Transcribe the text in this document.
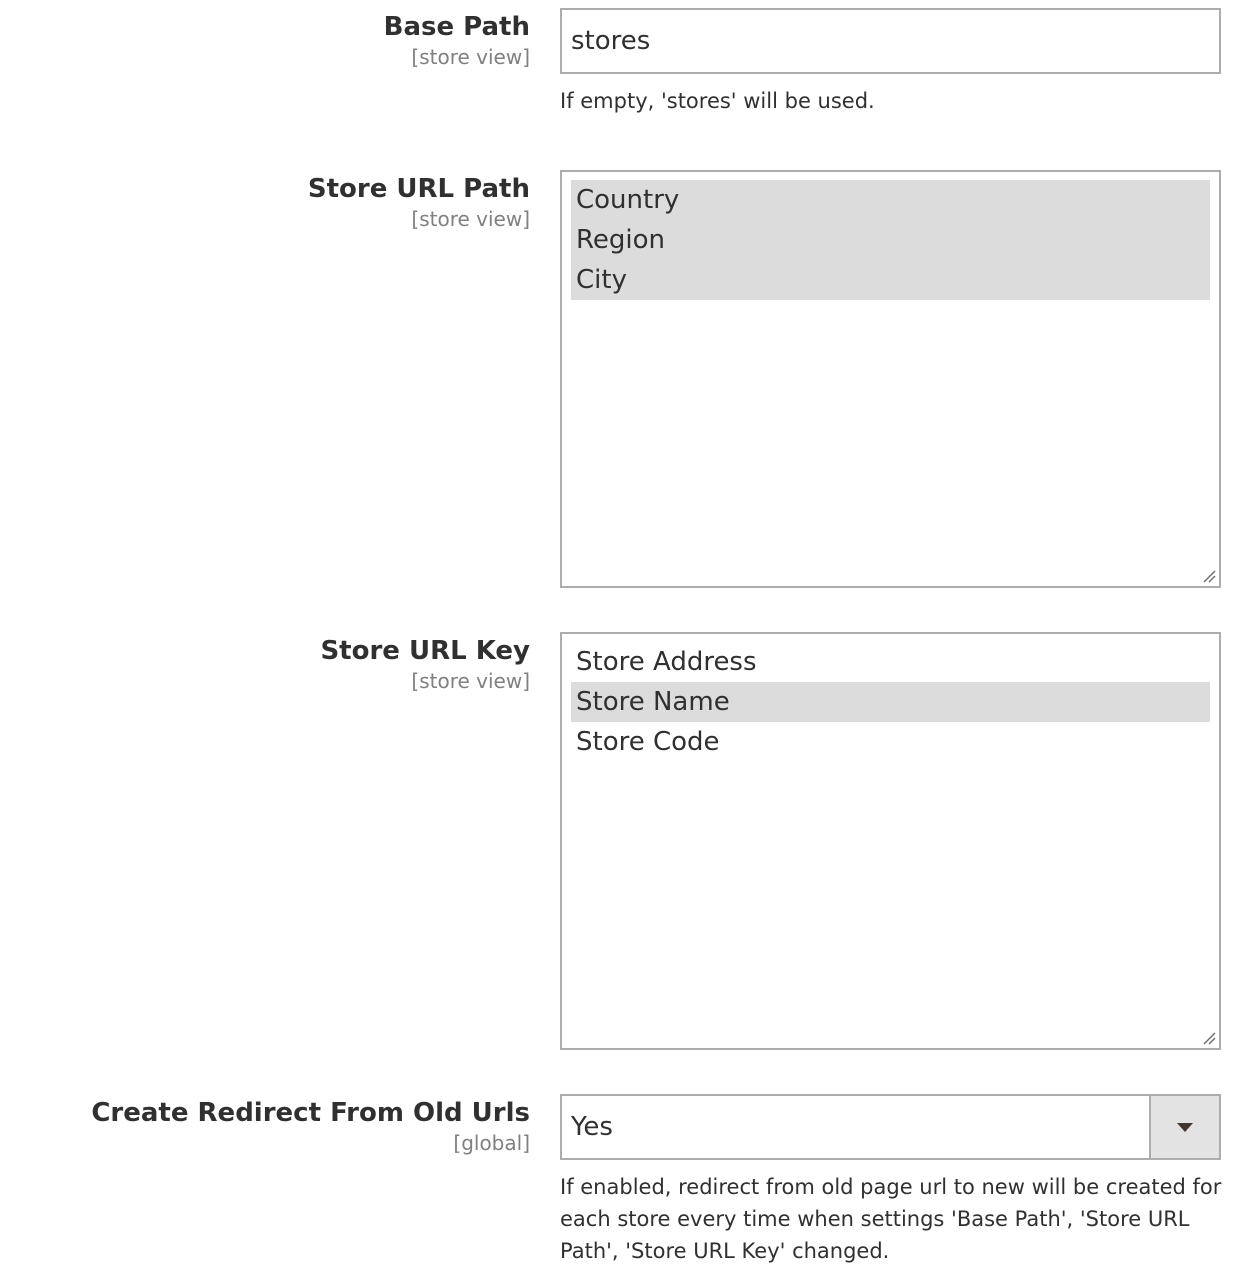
Base Path
[store view]
stores
If empty, 'stores' will be used.
Store URL Path
[store view]
Country
Region
City
Store URL Key
[store view]
Store Address
Store Name
Store Code
Create Redirect From Old Urls
[global]
Yes
If enabled, redirect from old page url to new will be created for each store every time when settings 'Base Path', 'Store URL Path', 'Store URL Key' changed.
